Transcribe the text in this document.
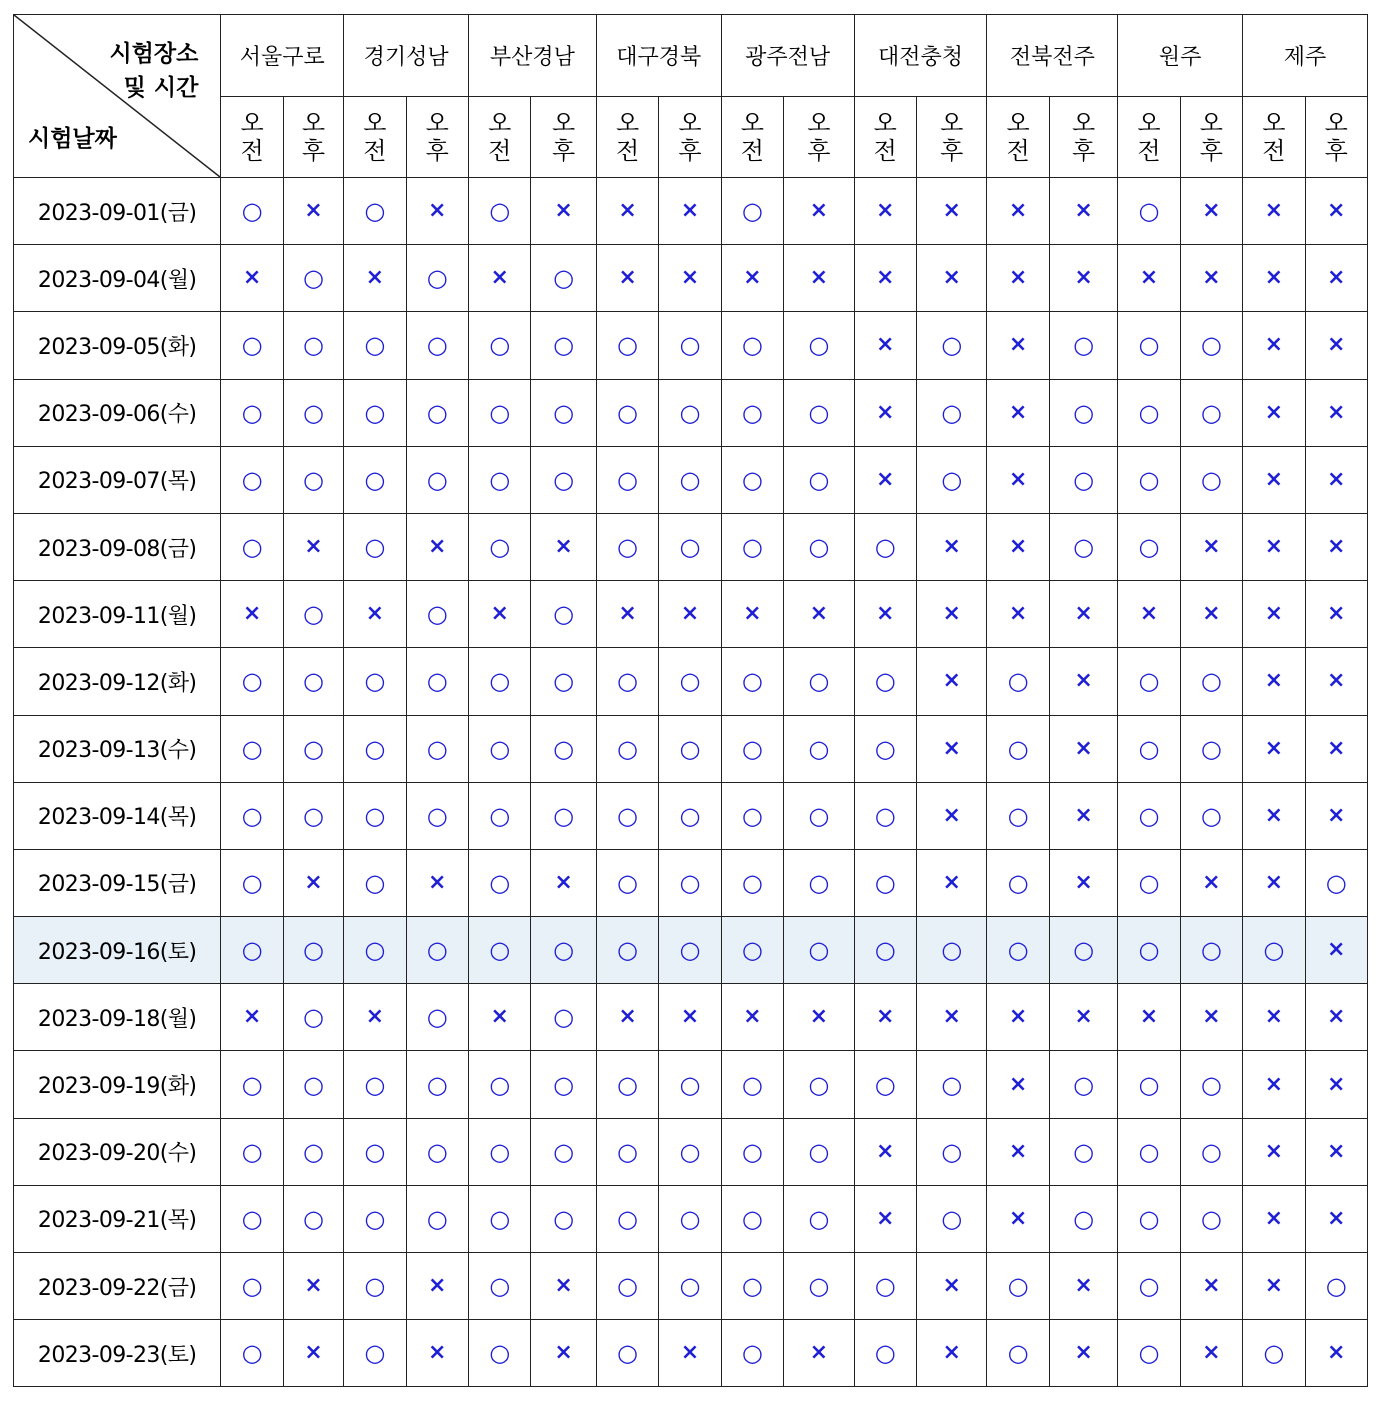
시험장소
및 시간
시험날짜	서울구로		경기성남		부산경남		대구경북		광주전남		대전충청		전북전주		원주		제주	
	오전	오후	오전	오후	오전	오후	오전	오후	오전	오후	오전	오후	오전	오후	오전	오후	오전	오후
2023-09-01(금)	○	×	○	×	○	×	×	×	○	×	×	×	×	×	○	×	×	×
2023-09-04(월)	×	○	×	○	×	○	×	×	×	×	×	×	×	×	×	×	×	×
2023-09-05(화)	○	○	○	○	○	○	○	○	○	○	×	○	×	○	○	○	×	×
2023-09-06(수)	○	○	○	○	○	○	○	○	○	○	×	○	×	○	○	○	×	×
2023-09-07(목)	○	○	○	○	○	○	○	○	○	○	×	○	×	○	○	○	×	×
2023-09-08(금)	○	×	○	×	○	×	○	○	○	○	○	×	×	○	○	×	×	×
2023-09-11(월)	×	○	×	○	×	○	×	×	×	×	×	×	×	×	×	×	×	×
2023-09-12(화)	○	○	○	○	○	○	○	○	○	○	○	×	○	×	○	○	×	×
2023-09-13(수)	○	○	○	○	○	○	○	○	○	○	○	×	○	×	○	○	×	×
2023-09-14(목)	○	○	○	○	○	○	○	○	○	○	○	×	○	×	○	○	×	×
2023-09-15(금)	○	×	○	×	○	×	○	○	○	○	○	×	○	×	○	×	×	○
2023-09-16(토)	○	○	○	○	○	○	○	○	○	○	○	○	○	○	○	○	○	×
2023-09-18(월)	×	○	×	○	×	○	×	×	×	×	×	×	×	×	×	×	×	×
2023-09-19(화)	○	○	○	○	○	○	○	○	○	○	○	○	×	○	○	○	×	×
2023-09-20(수)	○	○	○	○	○	○	○	○	○	○	×	○	×	○	○	○	×	×
2023-09-21(목)	○	○	○	○	○	○	○	○	○	○	×	○	×	○	○	○	×	×
2023-09-22(금)	○	×	○	×	○	×	○	○	○	○	○	×	○	×	○	×	×	○
2023-09-23(토)	○	×	○	×	○	×	○	×	○	×	○	×	○	×	○	×	○	×
